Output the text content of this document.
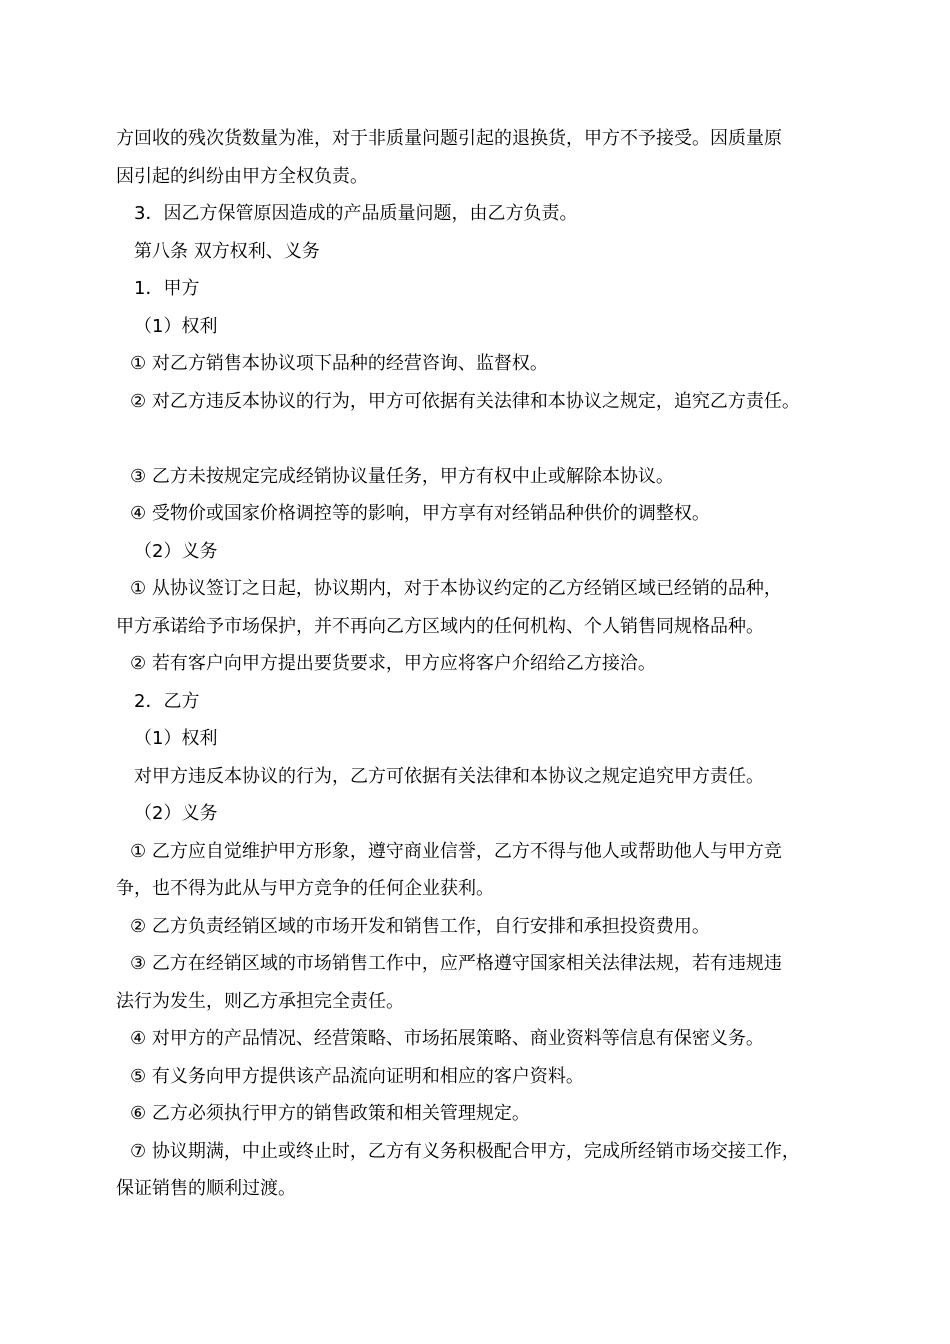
方回收的残次货数量为准，对于非质量问题引起的退换货，甲方不予接受。因质量原
因引起的纠纷由甲方全权负责。
3．因乙方保管原因造成的产品质量问题，由乙方负责。
第八条 双方权利、义务
1．甲方
（1）权利
① 对乙方销售本协议项下品种的经营咨询、监督权。
② 对乙方违反本协议的行为，甲方可依据有关法律和本协议之规定，追究乙方责任。
③ 乙方未按规定完成经销协议量任务，甲方有权中止或解除本协议。
④ 受物价或国家价格调控等的影响，甲方享有对经销品种供价的调整权。
（2）义务
① 从协议签订之日起，协议期内，对于本协议约定的乙方经销区域已经销的品种，
甲方承诺给予市场保护，并不再向乙方区域内的任何机构、个人销售同规格品种。
② 若有客户向甲方提出要货要求，甲方应将客户介绍给乙方接洽。
2．乙方
（1）权利
对甲方违反本协议的行为，乙方可依据有关法律和本协议之规定追究甲方责任。
（2）义务
① 乙方应自觉维护甲方形象，遵守商业信誉，乙方不得与他人或帮助他人与甲方竞
争，也不得为此从与甲方竞争的任何企业获利。
② 乙方负责经销区域的市场开发和销售工作，自行安排和承担投资费用。
③ 乙方在经销区域的市场销售工作中，应严格遵守国家相关法律法规，若有违规违
法行为发生，则乙方承担完全责任。
④ 对甲方的产品情况、经营策略、市场拓展策略、商业资料等信息有保密义务。
⑤ 有义务向甲方提供该产品流向证明和相应的客户资料。
⑥ 乙方必须执行甲方的销售政策和相关管理规定。
⑦ 协议期满，中止或终止时，乙方有义务积极配合甲方，完成所经销市场交接工作，
保证销售的顺利过渡。
